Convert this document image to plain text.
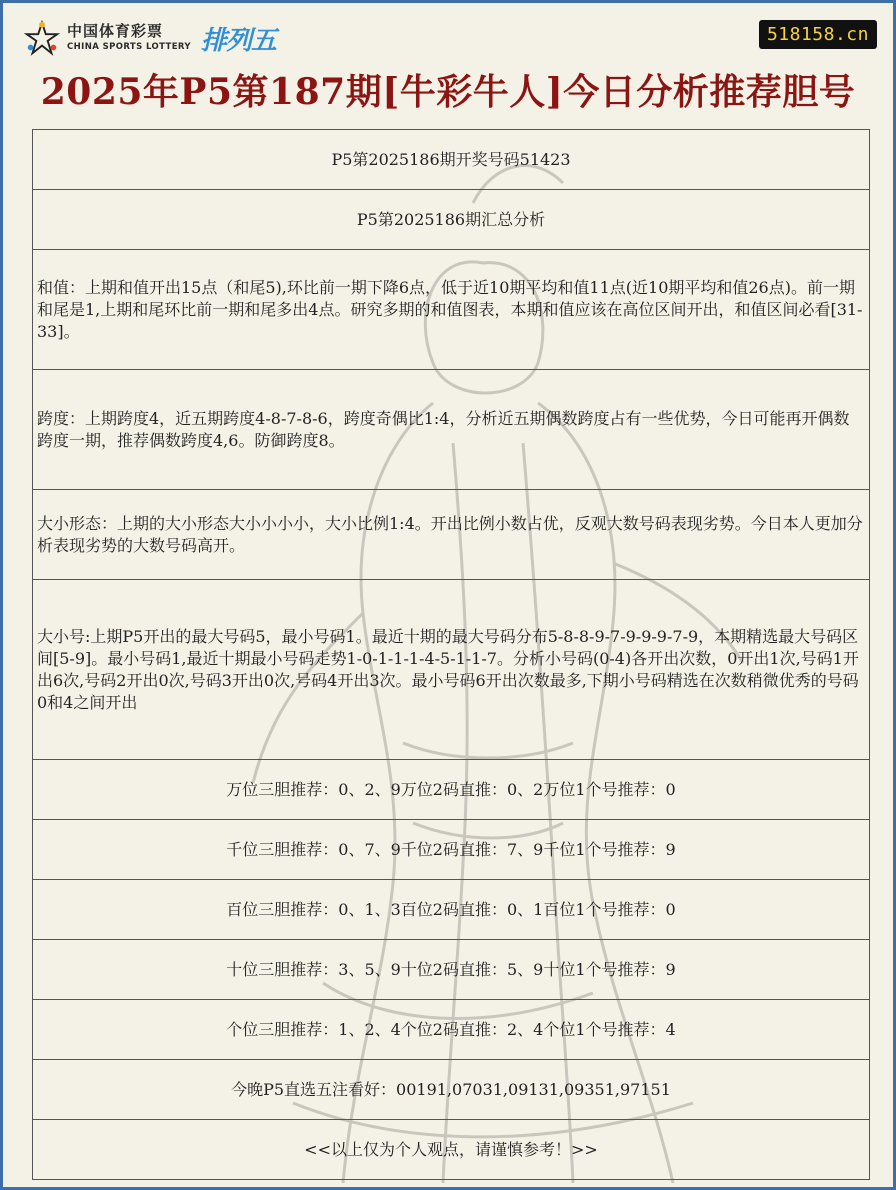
中国体育彩票
CHINA SPORTS LOTTERY 排列五	518158.cn
2025年P5第187期[牛彩牛人]今日分析推荐胆号
P5第2025186期开奖号码51423
P5第2025186期汇总分析
和值：上期和值开出15点（和尾5),环比前一期下降6点，低于近10期平均和值11点(近10期平均和值26点)。前一期和尾是1,上期和尾环比前一期和尾多出4点。研究多期的和值图表，本期和值应该在高位区间开出，和值区间必看[31-33]。
跨度：上期跨度4，近五期跨度4-8-7-8-6，跨度奇偶比1:4，分析近五期偶数跨度占有一些优势，今日可能再开偶数跨度一期，推荐偶数跨度4,6。防御跨度8。
大小形态：上期的大小形态大小小小小，大小比例1:4。开出比例小数占优，反观大数号码表现劣势。今日本人更加分析表现劣势的大数号码高开。
大小号:上期P5开出的最大号码5，最小号码1。最近十期的最大号码分布5-8-8-9-7-9-9-9-7-9，本期精选最大号码区间[5-9]。最小号码1,最近十期最小号码走势1-0-1-1-1-4-5-1-1-7。分析小号码(0-4)各开出次数，0开出1次,号码1开出6次,号码2开出0次,号码3开出0次,号码4开出3次。最小号码6开出次数最多,下期小号码精选在次数稍微优秀的号码0和4之间开出
万位三胆推荐：0、2、9万位2码直推：0、2万位1个号推荐：0
千位三胆推荐：0、7、9千位2码直推：7、9千位1个号推荐：9
百位三胆推荐：0、1、3百位2码直推：0、1百位1个号推荐：0
十位三胆推荐：3、5、9十位2码直推：5、9十位1个号推荐：9
个位三胆推荐：1、2、4个位2码直推：2、4个位1个号推荐：4
今晚P5直选五注看好：00191,07031,09131,09351,97151
<<以上仅为个人观点，请谨慎参考！>>
